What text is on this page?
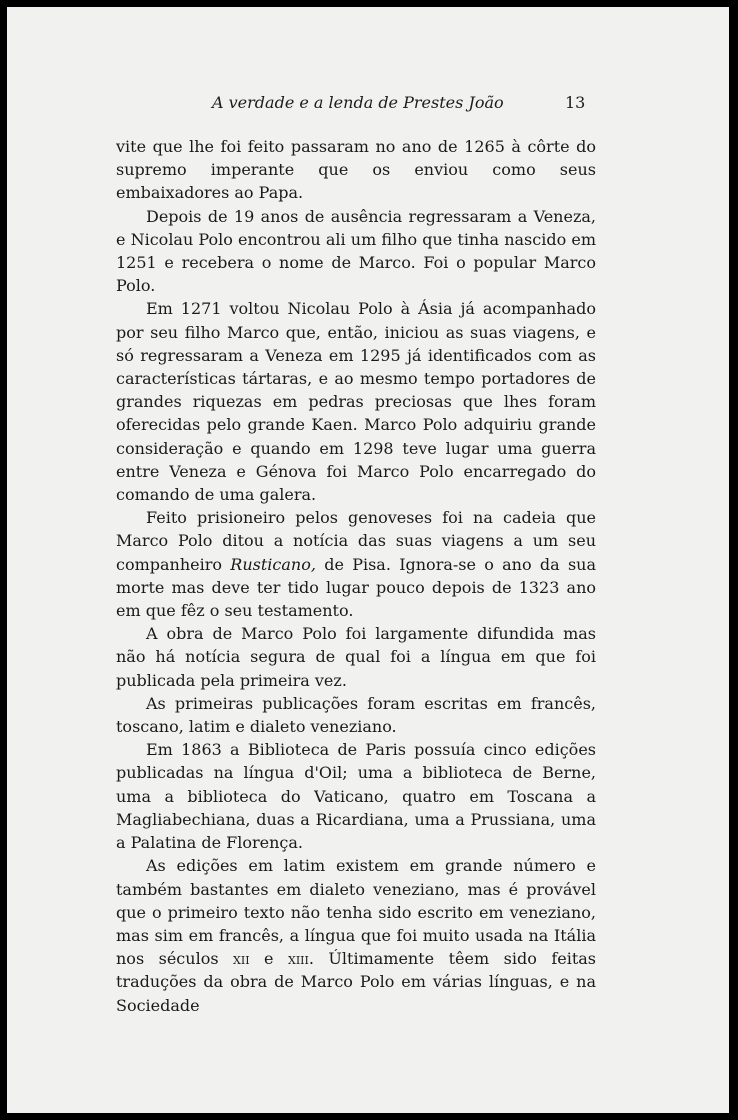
A verdade e a lenda de Prestes João	13

vite que lhe foi feito passaram no ano de 1265 à côrte do supremo imperante que os enviou como seus embaixadores ao Papa.

Depois de 19 anos de ausência regressaram a Veneza, e Nicolau Polo encontrou ali um filho que tinha nascido em 1251 e recebera o nome de Marco. Foi o popular Marco Polo.

Em 1271 voltou Nicolau Polo à Ásia já acompanhado por seu filho Marco que, então, iniciou as suas viagens, e só regressaram a Veneza em 1295 já identificados com as características tártaras, e ao mesmo tempo portadores de grandes riquezas em pedras preciosas que lhes foram oferecidas pelo grande Kaen. Marco Polo adquiriu grande consideração e quando em 1298 teve lugar uma guerra entre Veneza e Génova foi Marco Polo encarregado do comando de uma galera.

Feito prisioneiro pelos genoveses foi na cadeia que Marco Polo ditou a notícia das suas viagens a um seu companheiro Rusticano, de Pisa. Ignora-se o ano da sua morte mas deve ter tido lugar pouco depois de 1323 ano em que fêz o seu testamento.

A obra de Marco Polo foi largamente difundida mas não há notícia segura de qual foi a língua em que foi publicada pela primeira vez.

As primeiras publicações foram escritas em francês, toscano, latim e dialeto veneziano.

Em 1863 a Biblioteca de Paris possuía cinco edições publicadas na língua d'Oil; uma a biblioteca de Berne, uma a biblioteca do Vaticano, quatro em Toscana a Magliabechiana, duas a Ricardiana, uma a Prussiana, uma a Palatina de Florença.

As edições em latim existem em grande número e também bastantes em dialeto veneziano, mas é provável que o primeiro texto não tenha sido escrito em veneziano, mas sim em francês, a língua que foi muito usada na Itália nos séculos xii e xiii. Últimamente têem sido feitas traduções da obra de Marco Polo em várias línguas, e na Sociedade
